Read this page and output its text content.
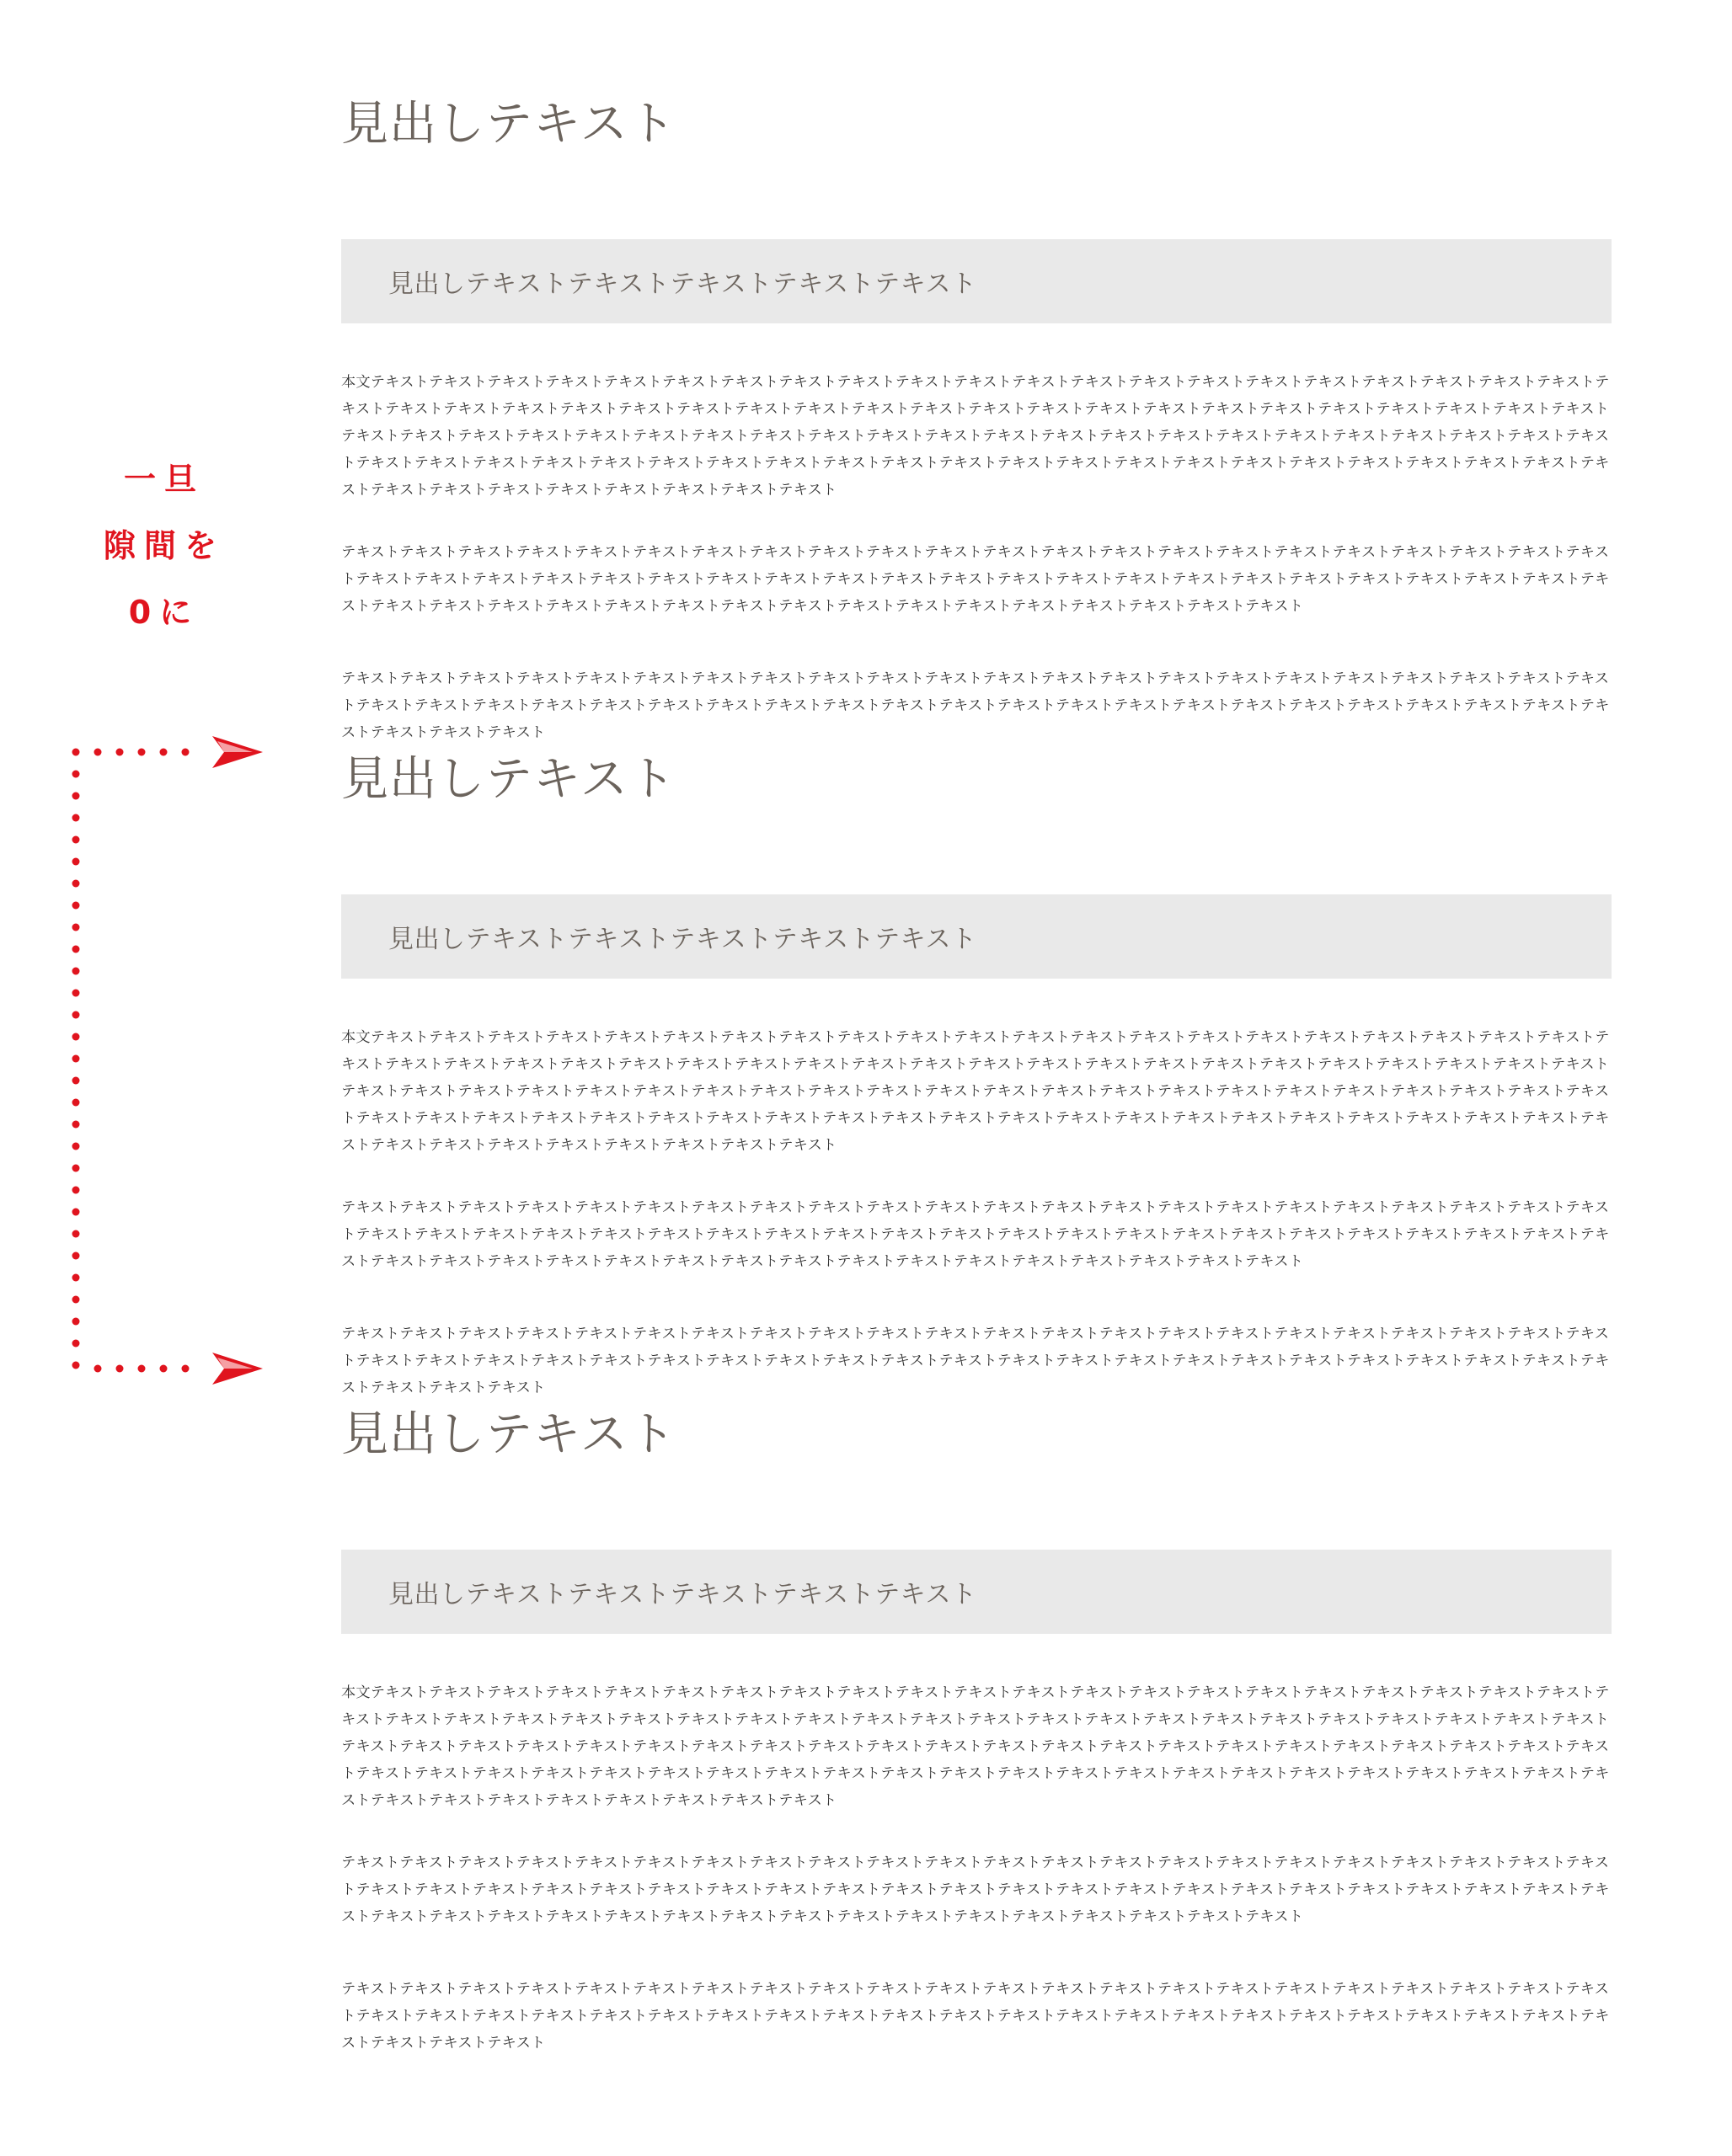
一旦
隙間を
0に
見出しテキスト
見出しテキストテキストテキストテキストテキスト

本文テキストテキストテキストテキストテキストテキストテキストテキストテキストテキストテキストテキストテキストテキストテキストテキストテキストテキストテキストテキストテキストテキストテキストテキストテキストテキストテキストテキストテキストテキストテキストテキストテキストテキストテキストテキストテキストテキストテキストテキストテキストテキストテキストテキストテキストテキストテキストテキストテキストテキストテキストテキストテキストテキストテキストテキストテキストテキストテキストテキストテキストテキストテキストテキストテキストテキストテキストテキストテキストテキストテキストテキストテキストテキストテキストテキストテキストテキストテキストテキストテキストテキストテキストテキストテキストテキストテキストテキストテキストテキストテキストテキストテキストテキストテキスト

テキストテキストテキストテキストテキストテキストテキストテキストテキストテキストテキストテキストテキストテキストテキストテキストテキストテキストテキストテキストテキストテキストテキストテキストテキストテキストテキストテキストテキストテキストテキストテキストテキストテキストテキストテキストテキストテキストテキストテキストテキストテキストテキストテキストテキストテキストテキストテキストテキストテキストテキストテキストテキストテキストテキストテキストテキストテキストテキストテキスト

テキストテキストテキストテキストテキストテキストテキストテキストテキストテキストテキストテキストテキストテキストテキストテキストテキストテキストテキストテキストテキストテキストテキストテキストテキストテキストテキストテキストテキストテキストテキストテキストテキストテキストテキストテキストテキストテキストテキストテキストテキストテキストテキストテキストテキストテキストテキスト

見出しテキスト
見出しテキストテキストテキストテキストテキスト

本文テキストテキストテキストテキストテキストテキストテキストテキストテキストテキストテキストテキストテキストテキストテキストテキストテキストテキストテキストテキストテキストテキストテキストテキストテキストテキストテキストテキストテキストテキストテキストテキストテキストテキストテキストテキストテキストテキストテキストテキストテキストテキストテキストテキストテキストテキストテキストテキストテキストテキストテキストテキストテキストテキストテキストテキストテキストテキストテキストテキストテキストテキストテキストテキストテキストテキストテキストテキストテキストテキストテキストテキストテキストテキストテキストテキストテキストテキストテキストテキストテキストテキストテキストテキストテキストテキストテキストテキストテキストテキストテキストテキストテキストテキストテキスト

テキストテキストテキストテキストテキストテキストテキストテキストテキストテキストテキストテキストテキストテキストテキストテキストテキストテキストテキストテキストテキストテキストテキストテキストテキストテキストテキストテキストテキストテキストテキストテキストテキストテキストテキストテキストテキストテキストテキストテキストテキストテキストテキストテキストテキストテキストテキストテキストテキストテキストテキストテキストテキストテキストテキストテキストテキストテキストテキストテキスト

テキストテキストテキストテキストテキストテキストテキストテキストテキストテキストテキストテキストテキストテキストテキストテキストテキストテキストテキストテキストテキストテキストテキストテキストテキストテキストテキストテキストテキストテキストテキストテキストテキストテキストテキストテキストテキストテキストテキストテキストテキストテキストテキストテキストテキストテキストテキスト

見出しテキスト
見出しテキストテキストテキストテキストテキスト

本文テキストテキストテキストテキストテキストテキストテキストテキストテキストテキストテキストテキストテキストテキストテキストテキストテキストテキストテキストテキストテキストテキストテキストテキストテキストテキストテキストテキストテキストテキストテキストテキストテキストテキストテキストテキストテキストテキストテキストテキストテキストテキストテキストテキストテキストテキストテキストテキストテキストテキストテキストテキストテキストテキストテキストテキストテキストテキストテキストテキストテキストテキストテキストテキストテキストテキストテキストテキストテキストテキストテキストテキストテキストテキストテキストテキストテキストテキストテキストテキストテキストテキストテキストテキストテキストテキストテキストテキストテキストテキストテキストテキストテキストテキストテキスト

テキストテキストテキストテキストテキストテキストテキストテキストテキストテキストテキストテキストテキストテキストテキストテキストテキストテキストテキストテキストテキストテキストテキストテキストテキストテキストテキストテキストテキストテキストテキストテキストテキストテキストテキストテキストテキストテキストテキストテキストテキストテキストテキストテキストテキストテキストテキストテキストテキストテキストテキストテキストテキストテキストテキストテキストテキストテキストテキストテキスト

テキストテキストテキストテキストテキストテキストテキストテキストテキストテキストテキストテキストテキストテキストテキストテキストテキストテキストテキストテキストテキストテキストテキストテキストテキストテキストテキストテキストテキストテキストテキストテキストテキストテキストテキストテキストテキストテキストテキストテキストテキストテキストテキストテキストテキストテキストテキスト
